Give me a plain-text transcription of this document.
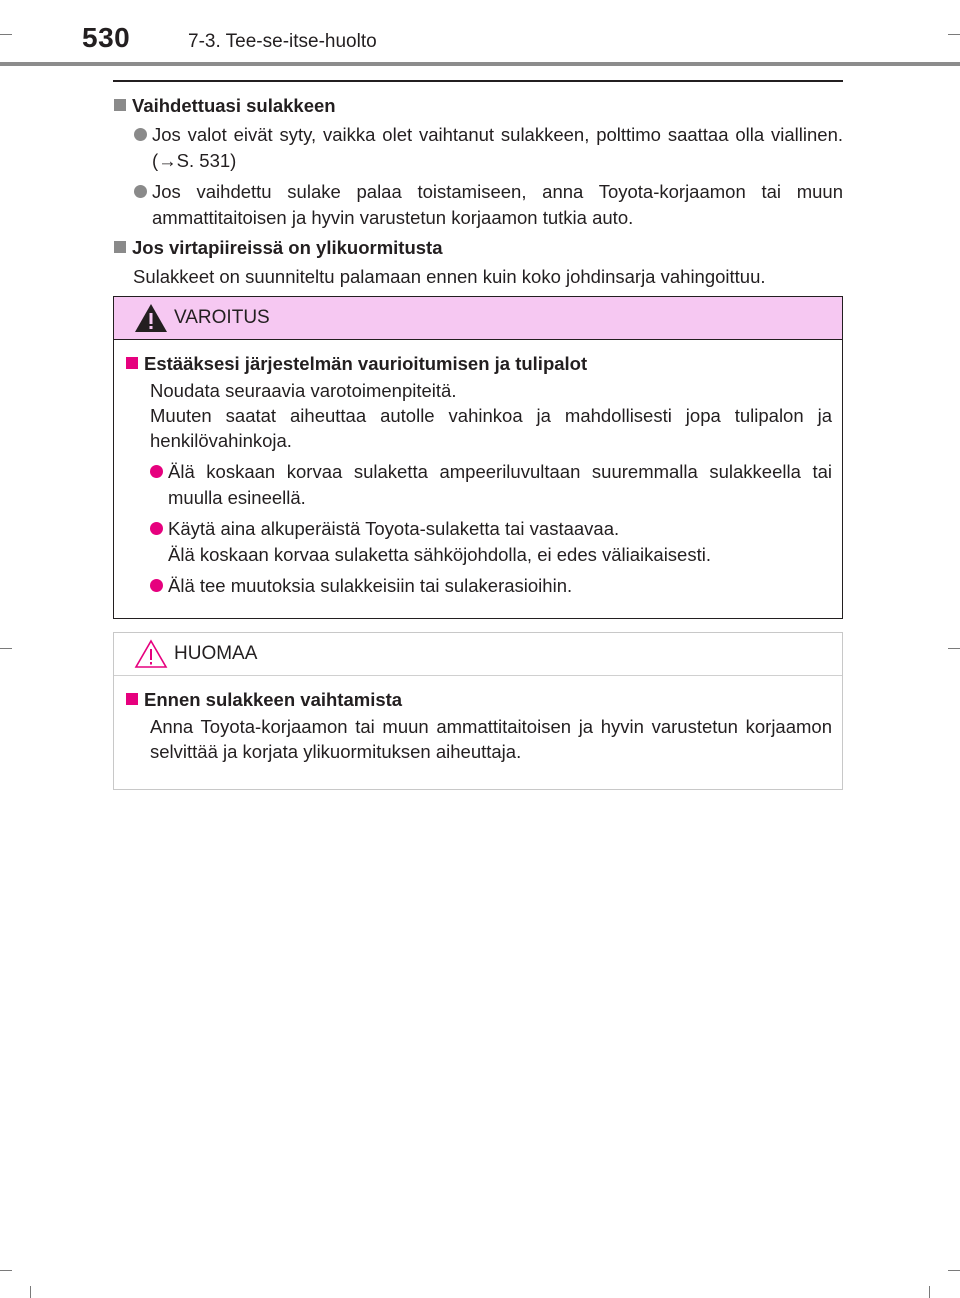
530	7-3. Tee-se-itse-huolto
Vaihdettuasi sulakkeen
Jos valot eivät syty, vaikka olet vaihtanut sulakkeen, polttimo saattaa olla viallinen. (→S. 531)
Jos vaihdettu sulake palaa toistamiseen, anna Toyota-korjaamon tai muun ammattitaitoisen ja hyvin varustetun korjaamon tutkia auto.
Jos virtapiireissä on ylikuormitusta
Sulakkeet on suunniteltu palamaan ennen kuin koko johdinsarja vahingoittuu.
VAROITUS
Estääksesi järjestelmän vaurioitumisen ja tulipalot
Noudata seuraavia varotoimenpiteitä.
Muuten saatat aiheuttaa autolle vahinkoa ja mahdollisesti jopa tulipalon ja henkilövahinkoja.
Älä koskaan korvaa sulaketta ampeeriluvultaan suuremmalla sulakkeella tai muulla esineellä.
Käytä aina alkuperäistä Toyota-sulaketta tai vastaavaa.
Älä koskaan korvaa sulaketta sähköjohdolla, ei edes väliaikaisesti.
Älä tee muutoksia sulakkeisiin tai sulakerasioihin.
HUOMAA
Ennen sulakkeen vaihtamista
Anna Toyota-korjaamon tai muun ammattitaitoisen ja hyvin varustetun korjaamon selvittää ja korjata ylikuormituksen aiheuttaja.
